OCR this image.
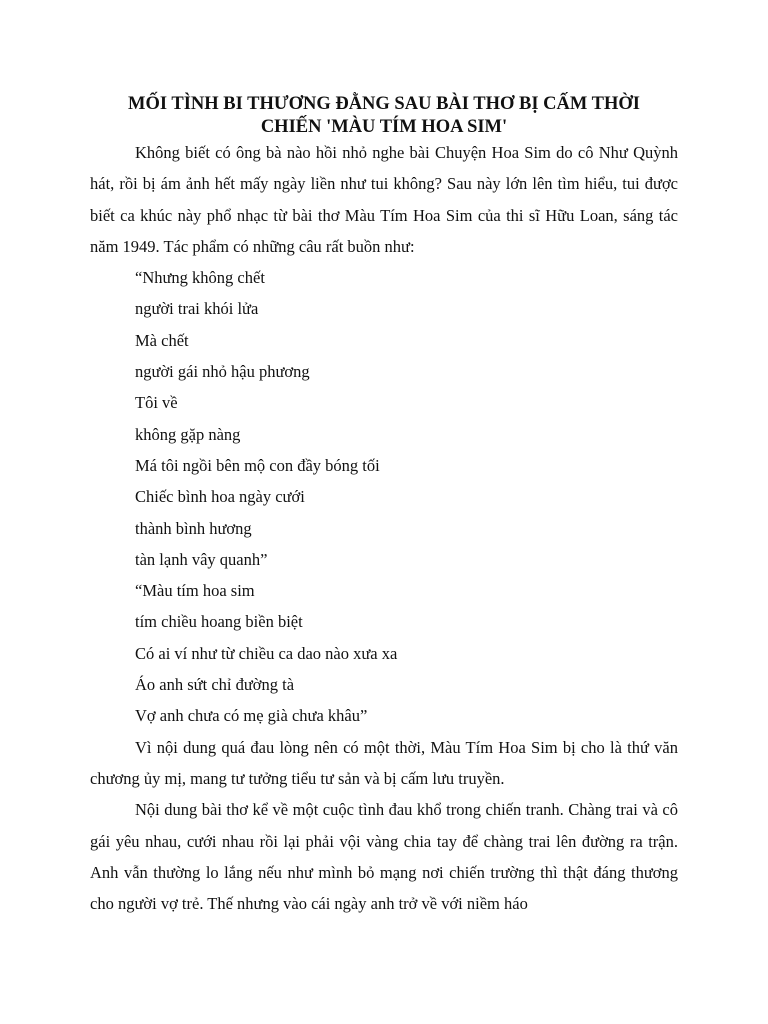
MỐI TÌNH BI THƯƠNG ĐẰNG SAU BÀI THƠ BỊ CẤM THỜI
CHIẾN 'MÀU TÍM HOA SIM'

Không biết có ông bà nào hồi nhỏ nghe bài Chuyện Hoa Sim do cô Như Quỳnh hát, rồi bị ám ảnh hết mấy ngày liền như tui không? Sau này lớn lên tìm hiểu, tui được biết ca khúc này phổ nhạc từ bài thơ Màu Tím Hoa Sim của thi sĩ Hữu Loan, sáng tác năm 1949. Tác phẩm có những câu rất buồn như:

“Nhưng không chết

người trai khói lửa

Mà chết

người gái nhỏ hậu phương

Tôi về

không gặp nàng

Má tôi ngồi bên mộ con đầy bóng tối

Chiếc bình hoa ngày cưới

thành bình hương

tàn lạnh vây quanh”

“Màu tím hoa sim

tím chiều hoang biền biệt

Có ai ví như từ chiều ca dao nào xưa xa

Áo anh sứt chỉ đường tà

Vợ anh chưa có mẹ già chưa khâu”

Vì nội dung quá đau lòng nên có một thời, Màu Tím Hoa Sim bị cho là thứ văn chương ủy mị, mang tư tưởng tiểu tư sản và bị cấm lưu truyền.

Nội dung bài thơ kể về một cuộc tình đau khổ trong chiến tranh. Chàng trai và cô gái yêu nhau, cưới nhau rồi lại phải vội vàng chia tay để chàng trai lên đường ra trận. Anh vẫn thường lo lắng nếu như mình bỏ mạng nơi chiến trường thì thật đáng thương cho người vợ trẻ. Thế nhưng vào cái ngày anh trở về với niềm háo
